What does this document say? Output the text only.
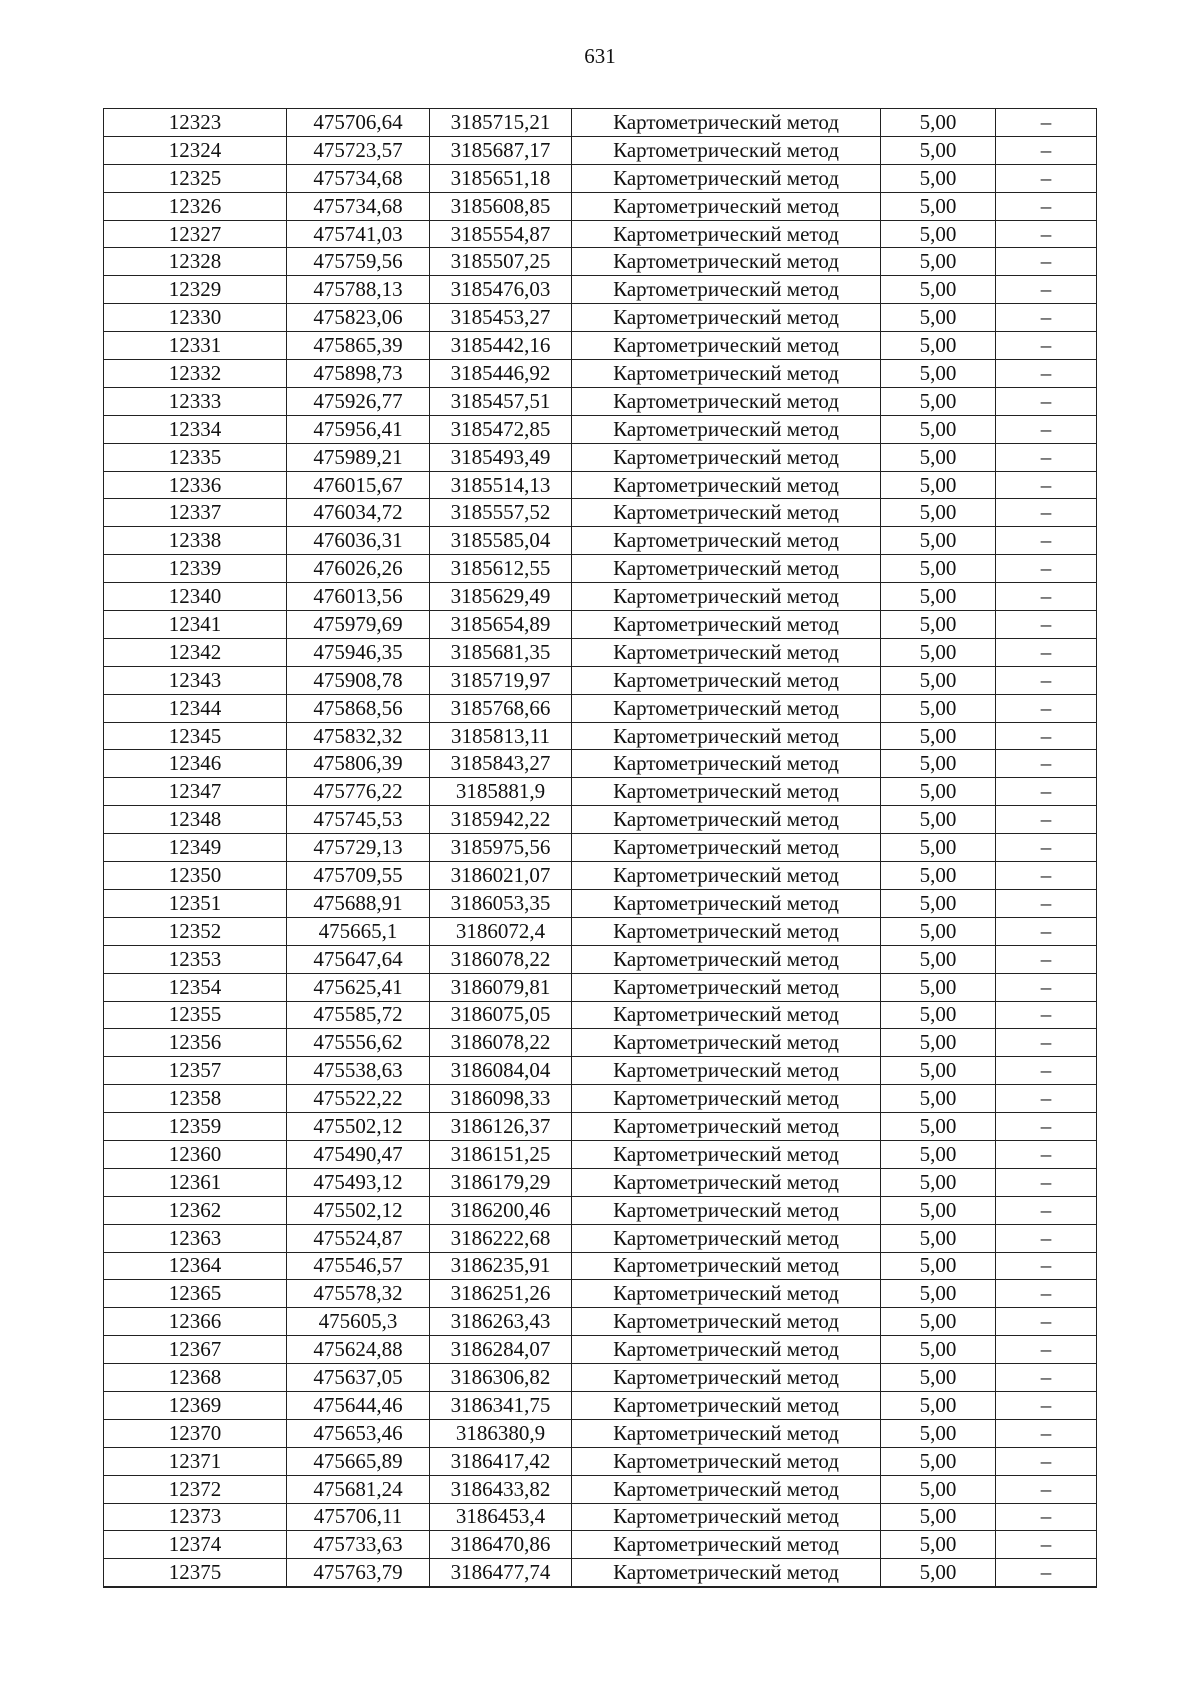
631
12323	475706,64	3185715,21	Картометрический метод	5,00	–
12324	475723,57	3185687,17	Картометрический метод	5,00	–
12325	475734,68	3185651,18	Картометрический метод	5,00	–
12326	475734,68	3185608,85	Картометрический метод	5,00	–
12327	475741,03	3185554,87	Картометрический метод	5,00	–
12328	475759,56	3185507,25	Картометрический метод	5,00	–
12329	475788,13	3185476,03	Картометрический метод	5,00	–
12330	475823,06	3185453,27	Картометрический метод	5,00	–
12331	475865,39	3185442,16	Картометрический метод	5,00	–
12332	475898,73	3185446,92	Картометрический метод	5,00	–
12333	475926,77	3185457,51	Картометрический метод	5,00	–
12334	475956,41	3185472,85	Картометрический метод	5,00	–
12335	475989,21	3185493,49	Картометрический метод	5,00	–
12336	476015,67	3185514,13	Картометрический метод	5,00	–
12337	476034,72	3185557,52	Картометрический метод	5,00	–
12338	476036,31	3185585,04	Картометрический метод	5,00	–
12339	476026,26	3185612,55	Картометрический метод	5,00	–
12340	476013,56	3185629,49	Картометрический метод	5,00	–
12341	475979,69	3185654,89	Картометрический метод	5,00	–
12342	475946,35	3185681,35	Картометрический метод	5,00	–
12343	475908,78	3185719,97	Картометрический метод	5,00	–
12344	475868,56	3185768,66	Картометрический метод	5,00	–
12345	475832,32	3185813,11	Картометрический метод	5,00	–
12346	475806,39	3185843,27	Картометрический метод	5,00	–
12347	475776,22	3185881,9	Картометрический метод	5,00	–
12348	475745,53	3185942,22	Картометрический метод	5,00	–
12349	475729,13	3185975,56	Картометрический метод	5,00	–
12350	475709,55	3186021,07	Картометрический метод	5,00	–
12351	475688,91	3186053,35	Картометрический метод	5,00	–
12352	475665,1	3186072,4	Картометрический метод	5,00	–
12353	475647,64	3186078,22	Картометрический метод	5,00	–
12354	475625,41	3186079,81	Картометрический метод	5,00	–
12355	475585,72	3186075,05	Картометрический метод	5,00	–
12356	475556,62	3186078,22	Картометрический метод	5,00	–
12357	475538,63	3186084,04	Картометрический метод	5,00	–
12358	475522,22	3186098,33	Картометрический метод	5,00	–
12359	475502,12	3186126,37	Картометрический метод	5,00	–
12360	475490,47	3186151,25	Картометрический метод	5,00	–
12361	475493,12	3186179,29	Картометрический метод	5,00	–
12362	475502,12	3186200,46	Картометрический метод	5,00	–
12363	475524,87	3186222,68	Картометрический метод	5,00	–
12364	475546,57	3186235,91	Картометрический метод	5,00	–
12365	475578,32	3186251,26	Картометрический метод	5,00	–
12366	475605,3	3186263,43	Картометрический метод	5,00	–
12367	475624,88	3186284,07	Картометрический метод	5,00	–
12368	475637,05	3186306,82	Картометрический метод	5,00	–
12369	475644,46	3186341,75	Картометрический метод	5,00	–
12370	475653,46	3186380,9	Картометрический метод	5,00	–
12371	475665,89	3186417,42	Картометрический метод	5,00	–
12372	475681,24	3186433,82	Картометрический метод	5,00	–
12373	475706,11	3186453,4	Картометрический метод	5,00	–
12374	475733,63	3186470,86	Картометрический метод	5,00	–
12375	475763,79	3186477,74	Картометрический метод	5,00	–
